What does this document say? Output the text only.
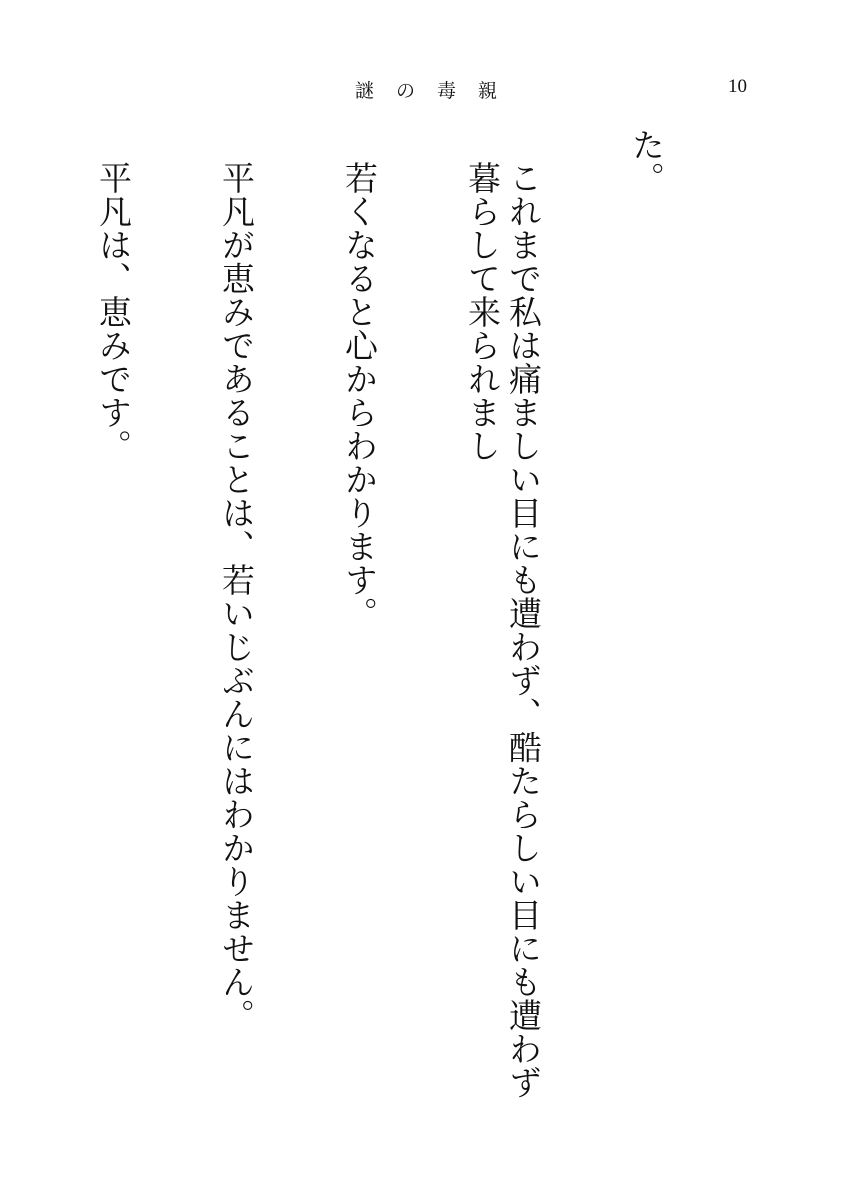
謎の毒親	10

た。

これまで私は痛ましい目にも遭わず、酷たらしい目にも遭わず暮らして来られまし

若くなると心からわかります。

平凡が恵みであることは、若いじぶんにはわかりません。

平凡は、恵みです。
